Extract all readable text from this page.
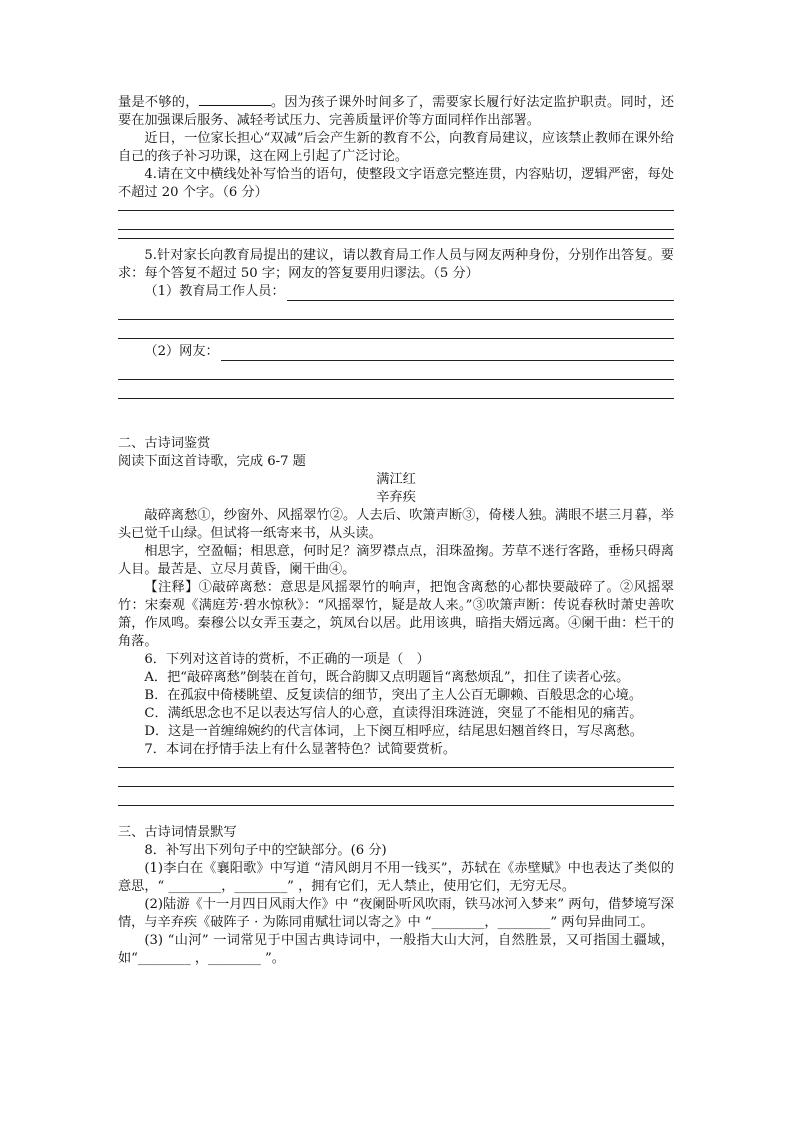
量是不够的，	。因为孩子课外时间多了，需要家长履行好法定监护职责。同时，还要在加强课后服务、减轻考试压力、完善质量评价等方面同样作出部署。

近日，一位家长担心“双减”后会产生新的教育不公，向教育局建议，应该禁止教师在课外给自己的孩子补习功课，这在网上引起了广泛讨论。

4.请在文中横线处补写恰当的语句，使整段文字语意完整连贯，内容贴切，逻辑严密，每处不超过 20 个字。（6 分）

5.针对家长向教育局提出的建议，请以教育局工作人员与网友两种身份，分别作出答复。要求：每个答复不超过 50 字；网友的答复要用归谬法。（5 分）

（1）教育局工作人员：
（2）网友：

二、古诗词鉴赏

阅读下面这首诗歌，完成 6-7 题

满江红

辛弃疾

敲碎离愁①，纱窗外、风摇翠竹②。人去后、吹箫声断③，倚楼人独。满眼不堪三月暮，举头已觉千山绿。但试将一纸寄来书，从头读。

相思字，空盈幅；相思意，何时足？滴罗襟点点，泪珠盈掬。芳草不迷行客路，垂杨只碍离人目。最苦是、立尽月黄昏，阑干曲④。

【注释】①敲碎离愁：意思是风摇翠竹的响声，把饱含离愁的心都快要敲碎了。②风摇翠竹：宋秦观《满庭芳·碧水惊秋》：“风摇翠竹，疑是故人来。”③吹箫声断：传说春秋时萧史善吹箫，作凤鸣。秦穆公以女弄玉妻之，筑凤台以居。此用该典，暗指夫婿远离。④阑干曲：栏干的角落。

6．下列对这首诗的赏析，不正确的一项是（　）

A．把“敲碎离愁”倒装在首句，既合韵脚又点明题旨“离愁烦乱”，扣住了读者心弦。

B．在孤寂中倚楼眺望、反复读信的细节，突出了主人公百无聊赖、百般思念的心境。

C．满纸思念也不足以表达写信人的心意，直读得泪珠涟涟，突显了不能相见的痛苦。

D．这是一首缠绵婉约的代言体词，上下阕互相呼应，结尾思妇翘首终日，写尽离愁。

7．本词在抒情手法上有什么显著特色？试简要赏析。

三、古诗词情景默写

8．补写出下列句子中的空缺部分。(6 分)

(1)李白在《襄阳歌》中写道 “清风朗月不用一钱买”，苏轼在《赤壁赋》中也表达了类似的意思，“ ________，________” ，拥有它们，无人禁止，使用它们，无穷无尽。

(2)陆游《十一月四日风雨大作》中 “夜阑卧听风吹雨，铁马冰河入梦来” 两句，借梦境写深情，与辛弃疾《破阵子 · 为陈同甫赋壮词以寄之》中 “________，________” 两句异曲同工。

(3) “山河” 一词常见于中国古典诗词中，一般指大山大河，自然胜景，又可指国土疆域，如“________ ，________ ”。
